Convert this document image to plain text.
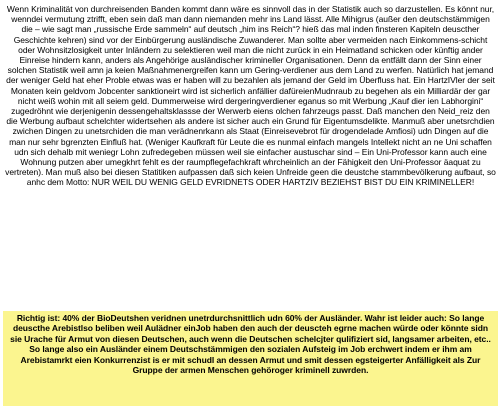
Wenn Kriminalität von durchreisenden Banden kommt dann wäre es sinnvoll das in der Statistik auch so darzustellen. Es könnt nur, wenndei vermutung ztrifft, eben sein daß man dann niemanden mehr ins Land lässt. Alle Mihigrus (außer den deutschstämmigen die – wie sagt man „russische Erde sammeln“ auf deutsch „him ins Reich“? hieß das mal inden finsteren Kapiteln deuscther Geschichte kehren) sind vor der Einbürgerung ausländische Zuwanderer. Man sollte aber vermeiden nach Einkommens-schicht oder Wohnsitzlosigkeit unter Inländern zu selektieren weil man die nicht zurück in ein Heimatland schicken oder künftig ander Einreise hindern kann, anders als Angehörige ausländischer krimineller Organisationen. Denn da entfällt dann der Sinn einer solchen Statistik weil amn ja keien Maßnahmenergreifen kann um Gering-verdiener aus dem Land zu werfen. Natürlich hat jemand der weniger Geld hat eher Proble etwas was er haben will zu bezahlen als jemand der Geld im Überfluss hat. Ein HartzIVler der seit Monaten kein geldvom Jobcenter sanktioneirt wird ist sicherlich anfällier dafüreienMudnraub zu begehen als ein Milliardär der gar nicht weiß wohin mit all seiem geld. Dummerweise wird dergeringverdiener eganus so mit Werbung „Kauf dier ien Labhorgini“ zugedröhnt wie derjenigenin dessengehaltsklassse der Werwerb eiens olchen fahrzeugs passt. Daß manchen den Neid_reiz den die Werbung aufbaut schelchter widertsehen als andere ist sicher auch ein Grund für Eigentumsdelikte. Manmuß aber unetsrchdien zwichen Dingen zu unetsrchiden die man verädnenrkann als Staat (Einreisevebrot für drogendelade Amfiosi) udn Dingen auf die man nur sehr bgrenzten Einfluß hat. (Weniger Kaufkraft für Leute die es nunmal einfach mangels Intellekt nicht an ne Uni schaffen udn sich dehalb mit weniegr Lohn zufredegeben müssen weil sie einfacher austuschar sind – Ein Uni-Professor kann auch eine Wohnung putzen aber umegkhrt fehlt es der raumpflegefachkraft whrcheinlich an der Fähigkeit den Uni-Professor äaquat zu vertreten). Man muß also bei diesen Statitiken aufpassen daß sich keien Unfreide geen die deustche stammbevölkerung aufbaut, so anhc dem Motto: NUR WEIL DU WENIG GELD EVRIDNETS ODER HARTZIV BEZIEHST BIST DU EIN KRIMINELLER!

Richtig ist: 40% der BioDeutshen veridnen unetrdurchsnittlich udn 60% der Ausländer. Wahr ist leider auch: So lange deuscthe Arebistlso beliben weil Aulädner einJob haben den auch der deuscteh egrne machen würde oder könnte sidn sie Urache für Armut von diesen Deutschen, auch wenn die Deutschen schelcjter qulifiziert sid, langsamer arbeiten, etc.. So lange also ein Ausländer einem Deutschstämmigen den sozialen Aufsteig im Job erchwert indem er ihm am Arebistamrkt eien Konkurrenzist is er mit schudl an dessen Armut und smit dessen egsteigerter Anfälligkeit als Zur Gruppe der armen Menschen gehöroger kriminell zuwrden.
